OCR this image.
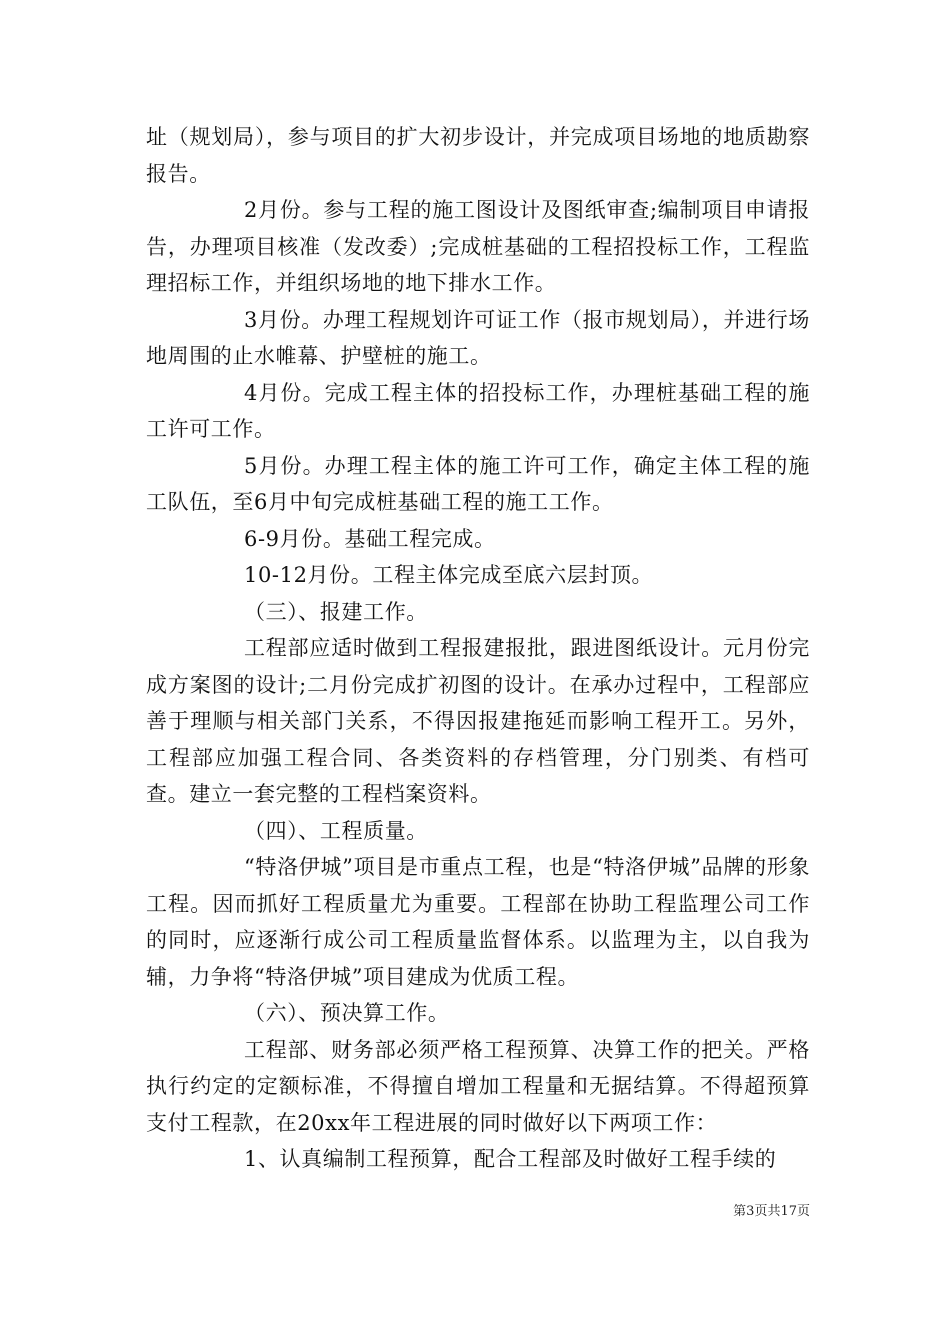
址（规划局），参与项目的扩大初步设计，并完成项目场地的地质勘察报告。

2月份。参与工程的施工图设计及图纸审查;编制项目申请报告，办理项目核准（发改委）;完成桩基础的工程招投标工作，工程监理招标工作，并组织场地的地下排水工作。

3月份。办理工程规划许可证工作（报市规划局），并进行场地周围的止水帷幕、护壁桩的施工。

4月份。完成工程主体的招投标工作，办理桩基础工程的施工许可工作。

5月份。办理工程主体的施工许可工作，确定主体工程的施工队伍，至6月中旬完成桩基础工程的施工工作。

6-9月份。基础工程完成。

10-12月份。工程主体完成至底六层封顶。

（三）、报建工作。

工程部应适时做到工程报建报批，跟进图纸设计。元月份完成方案图的设计;二月份完成扩初图的设计。在承办过程中，工程部应善于理顺与相关部门关系，不得因报建拖延而影响工程开工。另外，工程部应加强工程合同、各类资料的存档管理，分门别类、有档可查。建立一套完整的工程档案资料。

（四）、工程质量。

“特洛伊城”项目是市重点工程，也是“特洛伊城”品牌的形象工程。因而抓好工程质量尤为重要。工程部在协助工程监理公司工作的同时，应逐渐行成公司工程质量监督体系。以监理为主，以自我为辅，力争将“特洛伊城”项目建成为优质工程。

（六）、预决算工作。

工程部、财务部必须严格工程预算、决算工作的把关。严格执行约定的定额标准，不得擅自增加工程量和无据结算。不得超预算支付工程款，在20xx年工程进展的同时做好以下两项工作：

1、认真编制工程预算，配合工程部及时做好工程手续的

第3页共17页
